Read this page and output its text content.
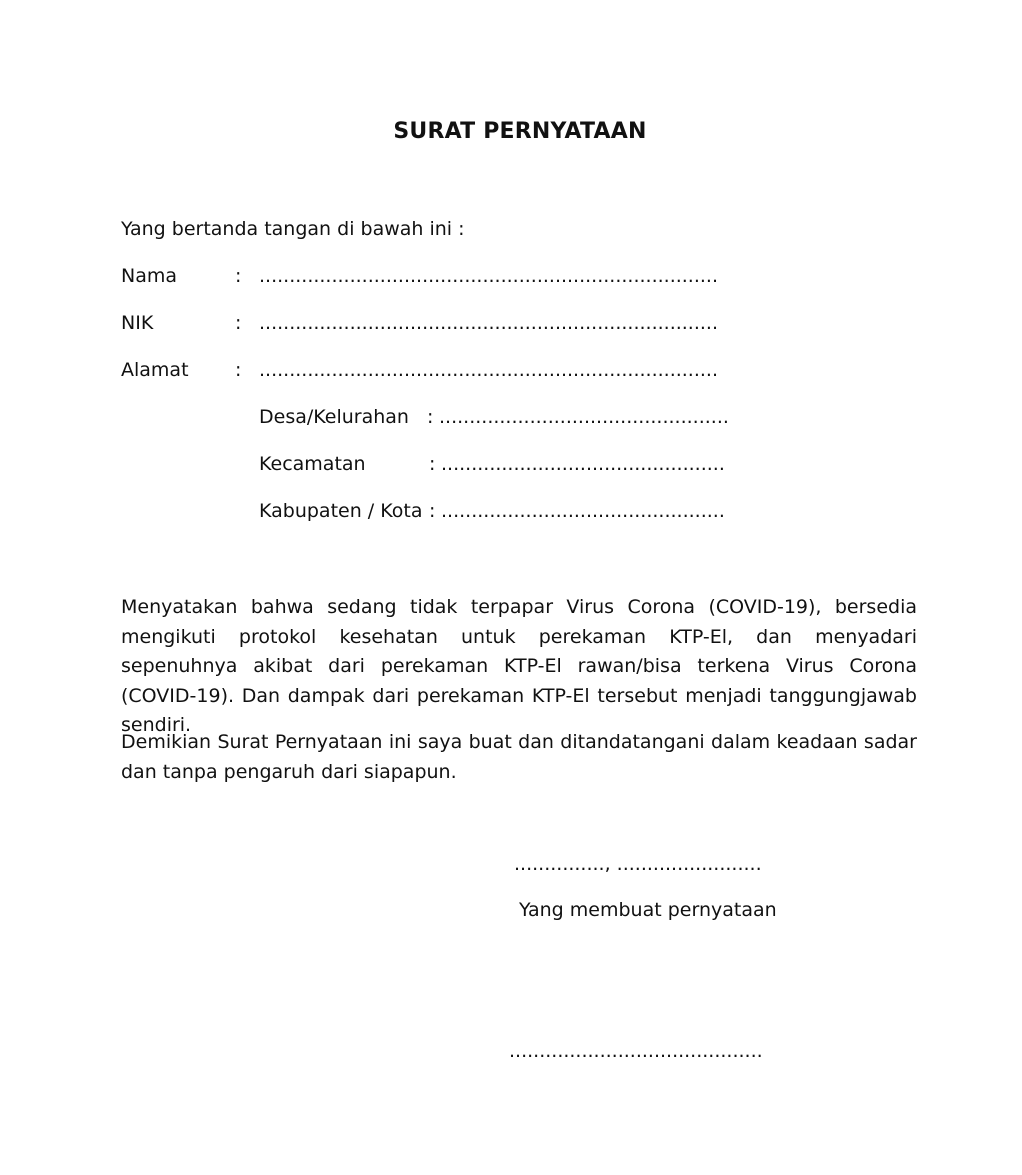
SURAT PERNYATAAN
Yang bertanda tangan di bawah ini :
Nama	: ............................................................................
NIK	: ............................................................................
Alamat : ............................................................................
Desa/Kelurahan : ................................................
Kecamatan	: ...............................................
Kabupaten / Kota : ...............................................
Menyatakan bahwa sedang tidak terpapar Virus Corona (COVID-19), bersedia mengikuti protokol kesehatan untuk perekaman KTP-El, dan menyadari sepenuhnya akibat dari perekaman KTP-El rawan/bisa terkena Virus Corona (COVID-19). Dan dampak dari perekaman KTP-El tersebut menjadi tanggungjawab sendiri.
Demikian Surat Pernyataan ini saya buat dan ditandatangani dalam keadaan sadar dan tanpa pengaruh dari siapapun.
..............., ........................
Yang membuat pernyataan
..........................................
